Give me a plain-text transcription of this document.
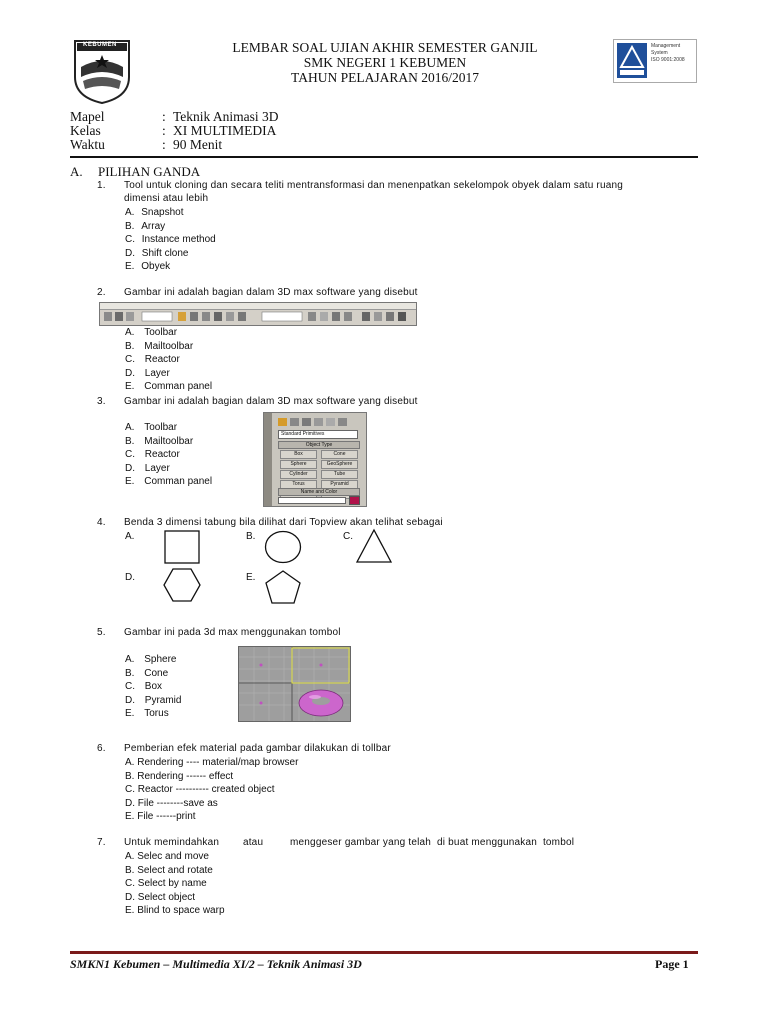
KEBUMEN	LEMBAR SOAL UJIAN AKHIR SEMESTER GANJIL
SMK NEGERI 1 KEBUMEN
TAHUN PELAJARAN 2016/2017
Management
System
ISO 9001:2008
Mapel	: Teknik Animasi 3D
Kelas	: XI MULTIMEDIA
Waktu	: 90 Menit
A. PILIHAN GANDA
1. Tool untuk cloning dan secara teliti mentransformasi dan menenpatkan sekelompok obyek dalam satu ruang
dimensi atau lebih
A. Snapshot
B. Array
C. Instance method
D. Shift clone
E. Obyek
2. Gambar ini adalah bagian dalam 3D max software yang disebut
A. Toolbar
B. Mailtoolbar
C. Reactor
D. Layer
E. Comman panel
3. Gambar ini adalah bagian dalam 3D max software yang disebut
A. Toolbar
B. Mailtoolbar
C. Reactor
D. Layer
E. Comman panel
Standard Primitives
Object Type
Box	Cone
Sphere	GeoSphere
Cylinder	Tube
Torus	Pyramid
Name and Color
4. Benda 3 dimensi tabung bila dilihat dari Topview akan telihat sebagai
A.	B.	C.
D.	E.
5. Gambar ini pada 3d max menggunakan tombol
A. Sphere
B. Cone
C. Box
D. Pyramid
E. Torus
6. Pemberian efek material pada gambar dilakukan di tollbar
A. Rendering ---- material/map browser
B. Rendering ------ effect
C. Reactor ---------- created object
D. File --------save as
E. File ------print
7. Untuk memindahkan        atau         menggeser gambar yang telah  di buat menggunakan  tombol
A. Selec and move
B. Select and rotate
C. Select by name
D. Select object
E. Blind to space warp
SMKN1 Kebumen – Multimedia XI/2 – Teknik Animasi 3D	Page 1
